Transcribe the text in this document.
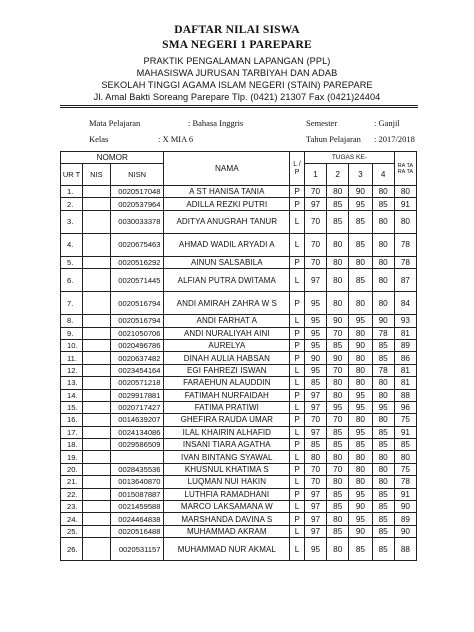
DAFTAR NILAI SISWA
SMA NEGERI 1 PAREPARE
PRAKTIK PENGALAMAN LAPANGAN (PPL)
MAHASISWA JURUSAN TARBIYAH DAN ADAB
SEKOLAH TINGGI AGAMA ISLAM NEGERI (STAIN) PAREPARE
Jl. Amal Bakti Soreang Parepare Tlp. (0421) 21307 Fax (0421)24404
Mata Pelajaran	: Bahasa Inggris	Semester	: Ganjil
Kelas	: X MIA 6	Tahun Pelajaran : 2017/2018
NOMOR			NAMA	L / P	TUGAS KE-				RA TA RA TA
UR T	NIS	NISN			1	2	3	4	
1.		0020517048	A ST HANISA TANIA	P	70	80	90	80	80
2.		0020537964	ADILLA REZKI PUTRI	P	97	85	95	85	91
3.		0030033378	ADITYA ANUGRAH TANUR	L	70	85	85	80	80
4.		0020675463	AHMAD WADIL ARYADI A	L	70	80	85	80	78
5.		0020516292	AINUN SALSABILA	P	70	80	80	80	78
6.		0020571445	ALFIAN PUTRA DWITAMA	L	97	80	85	80	87
7.		0020516794	ANDI AMIRAH ZAHRA W S	P	95	80	80	80	84
8.		0020516794	ANDI FARHAT A	L	95	90	95	90	93
9.		0021050706	ANDI NURALIYAH AINI	P	95	70	80	78	81
10.		0020496786	AURELYA	P	95	85	90	85	89
11.		0020637482	DINAH AULIA HABSAN	P	90	90	80	85	86
12.		0023454164	EGI FAHREZI ISWAN	L	95	70	80	78	81
13.		0020571218	FARAEHUN ALAUDDIN	L	85	80	80	80	81
14.		0029917881	FATIMAH NURFAIDAH	P	97	80	95	80	88
15.		0020717427	FATIMA PRATIWI	L	97	95	95	95	96
16.		0014639207	GHEFIRA RAUDA UMAR	P	70	70	80	80	75
17.		0024134086	ILAL KHAIRIN ALHAFID	L	97	85	95	85	91
18.		0029586509	INSANI TIARA AGATHA	P	85	85	85	85	85
19.			IVAN BINTANG SYAWAL	L	80	80	80	80	80
20.		0028435536	KHUSNUL KHATIMA S	P	70	70	80	80	75
21.		0013640870	LUQMAN NUI HAKIN	L	70	80	80	80	78
22.		0015087887	LUTHFIA RAMADHANI	P	97	85	95	85	91
23.		0021459588	MARCO LAKSAMANA W	L	97	85	90	85	90
24.		0024464838	MARSHANDA DAVINA S	P	97	80	95	85	89
25.		0020516488	MUHAMMAD AKRAM	L	97	85	90	85	90
26.		0020531157	MUHAMMAD NUR AKMAL	L	95	80	85	85	88
